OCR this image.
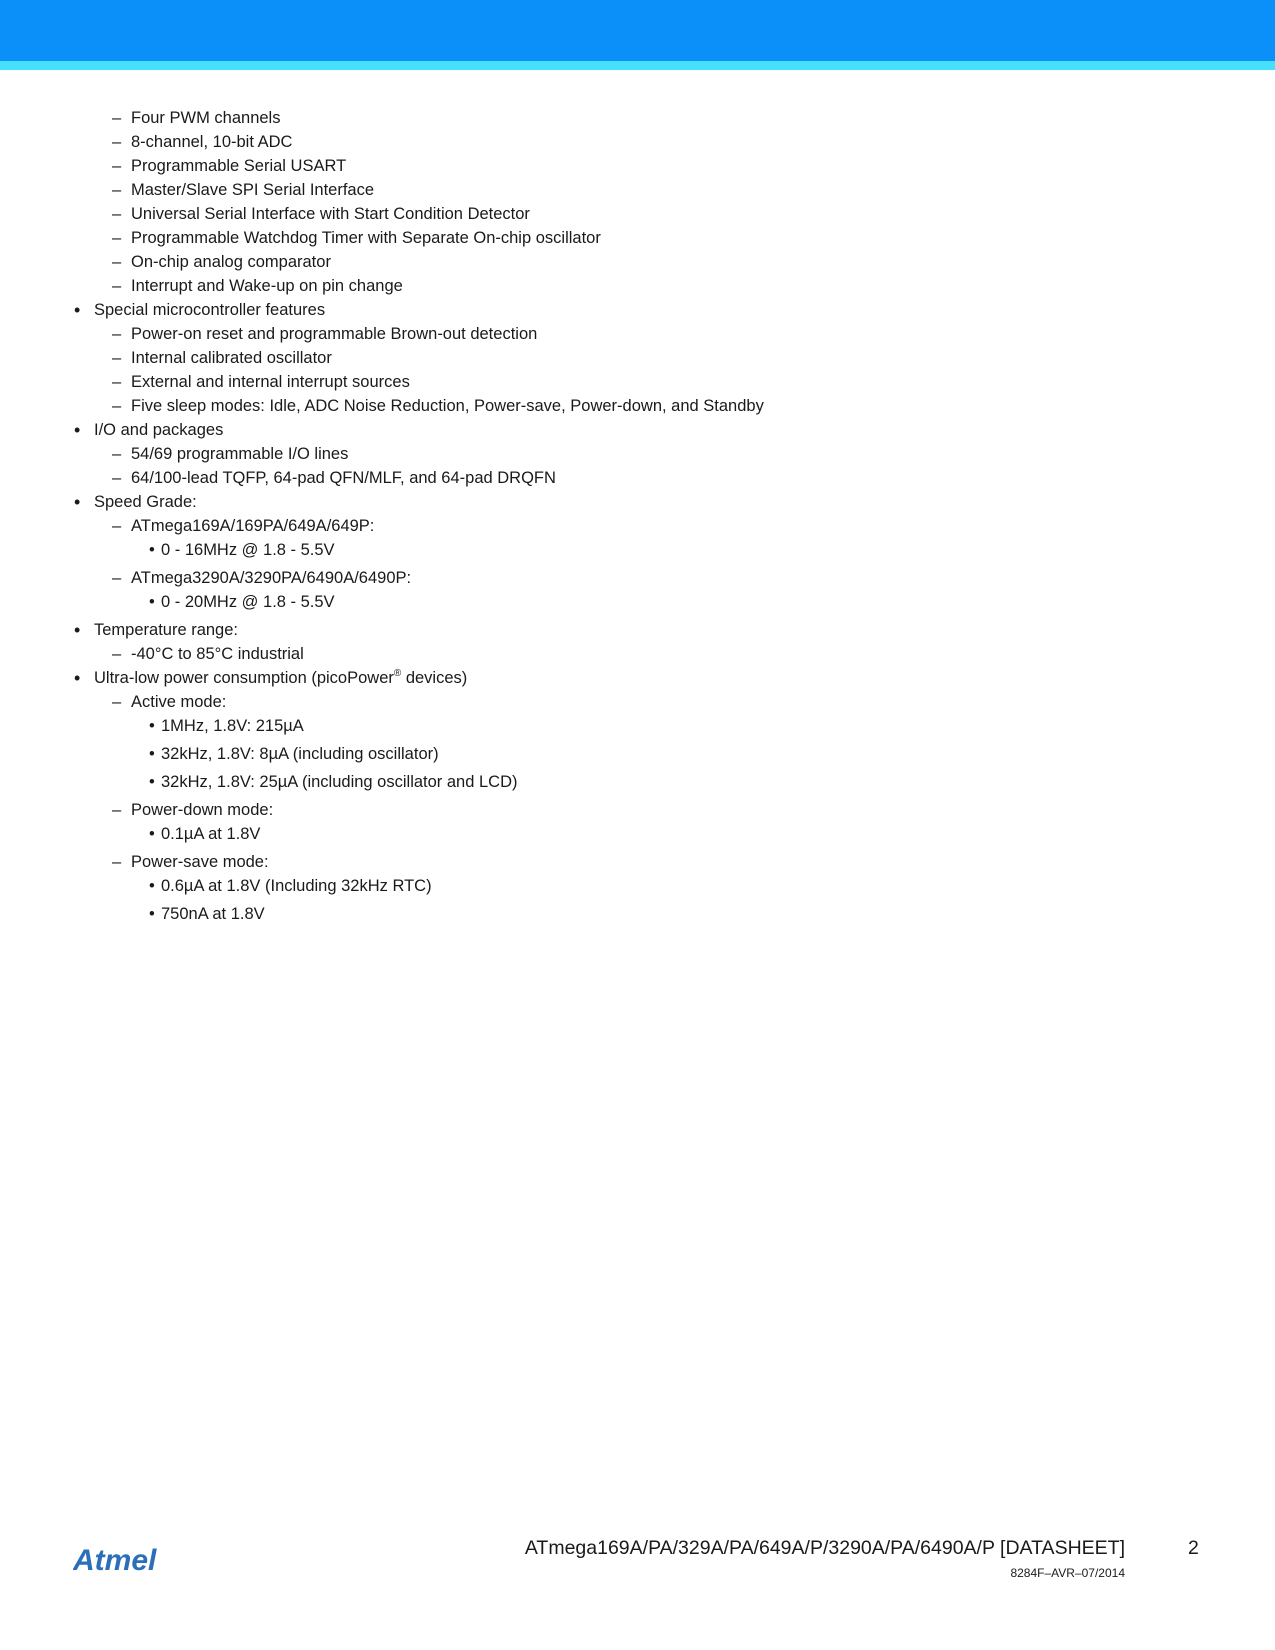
– Four PWM channels
– 8-channel, 10-bit ADC
– Programmable Serial USART
– Master/Slave SPI Serial Interface
– Universal Serial Interface with Start Condition Detector
– Programmable Watchdog Timer with Separate On-chip oscillator
– On-chip analog comparator
– Interrupt and Wake-up on pin change
• Special microcontroller features
– Power-on reset and programmable Brown-out detection
– Internal calibrated oscillator
– External and internal interrupt sources
– Five sleep modes: Idle, ADC Noise Reduction, Power-save, Power-down, and Standby
• I/O and packages
– 54/69 programmable I/O lines
– 64/100-lead TQFP, 64-pad QFN/MLF, and 64-pad DRQFN
• Speed Grade:
– ATmega169A/169PA/649A/649P:
• 0 - 16MHz @ 1.8 - 5.5V
– ATmega3290A/3290PA/6490A/6490P:
• 0 - 20MHz @ 1.8 - 5.5V
• Temperature range:
– -40°C to 85°C industrial
• Ultra-low power consumption (picoPower® devices)
– Active mode:
• 1MHz, 1.8V: 215µA
• 32kHz, 1.8V: 8µA (including oscillator)
• 32kHz, 1.8V: 25µA (including oscillator and LCD)
– Power-down mode:
• 0.1µA at 1.8V
– Power-save mode:
• 0.6µA at 1.8V (Including 32kHz RTC)
• 750nA at 1.8V
Atmel	ATmega169A/PA/329A/PA/649A/P/3290A/PA/6490A/P [DATASHEET]	2
8284F–AVR–07/2014
